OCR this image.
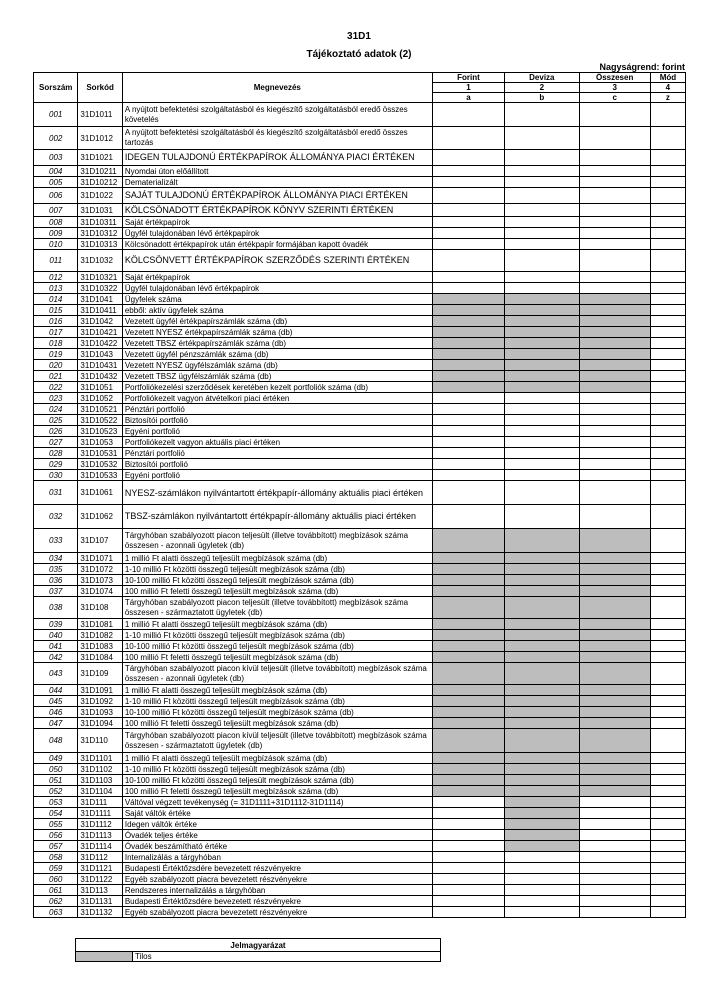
31D1
Tájékoztató adatok (2)
Nagyságrend: forint
Sorszám	Sorkód	Megnevezés	Forint	Deviza	Összesen	Mód
			1	2	3	4
			a	b	c	z
001	31D1011	A nyújtott befektetési szolgáltatásból és kiegészítő szolgáltatásból eredő összes követelés				
002	31D1012	A nyújtott befektetési szolgáltatásból és kiegészítő szolgáltatásból eredő összes tartozás				
003	31D1021	IDEGEN TULAJDONÚ ÉRTÉKPAPÍROK ÁLLOMÁNYA PIACI ÉRTÉKEN				
004	31D10211	Nyomdai úton előállított				
005	31D10212	Dematerializált				
006	31D1022	SAJÁT TULAJDONÚ ÉRTÉKPAPÍROK ÁLLOMÁNYA PIACI ÉRTÉKEN				
007	31D1031	KÖLCSÖNADOTT ÉRTÉKPAPÍROK KÖNYV SZERINTI ÉRTÉKEN				
008	31D10311	Saját értékpapírok				
009	31D10312	Ügyfél tulajdonában lévő értékpapírok				
010	31D10313	Kölcsönadott értékpapírok után értékpapír formájában kapott óvadék				
011	31D1032	KÖLCSÖNVETT ÉRTÉKPAPÍROK SZERZŐDÉS SZERINTI ÉRTÉKEN				
012	31D10321	Saját értékpapírok				
013	31D10322	Ügyfél tulajdonában lévő értékpapírok				
014	31D1041	Ügyfelek száma				
015	31D10411	ebből: aktív ügyfelek száma				
016	31D1042	Vezetett ügyfél értékpapírszámlák száma (db)				
017	31D10421	Vezetett NYESZ értékpapírszámlák száma (db)				
018	31D10422	Vezetett TBSZ értékpapírszámlák száma (db)				
019	31D1043	Vezetett ügyfél pénzszámlák száma (db)				
020	31D10431	Vezetett NYESZ ügyfélszámlák száma (db)				
021	31D10432	Vezetett TBSZ ügyfélszámlák száma (db)				
022	31D1051	Portfoliókezelési szerződések keretében kezelt portfoliók száma (db)				
023	31D1052	Portfoliókezelt vagyon átvételkori piaci értéken				
024	31D10521	Pénztári portfolió				
025	31D10522	Biztosítói portfolió				
026	31D10523	Egyéni portfolió				
027	31D1053	Portfoliókezelt vagyon aktuális piaci értéken				
028	31D10531	Pénztári portfolió				
029	31D10532	Biztosítói portfolió				
030	31D10533	Egyéni portfolió				
031	31D1061	NYESZ-számlákon nyilvántartott értékpapír-állomány aktuális piaci értéken				
032	31D1062	TBSZ-számlákon nyilvántartott értékpapír-állomány aktuális piaci értéken				
033	31D107	Tárgyhóban szabályozott piacon teljesült (illetve továbbított) megbízások száma összesen - azonnali ügyletek (db)				
034	31D1071	1 millió Ft alatti összegű teljesült megbízások száma (db)				
035	31D1072	1-10 millió Ft közötti összegű teljesült megbízások száma (db)				
036	31D1073	10-100 millió Ft közötti összegű teljesült megbízások száma (db)				
037	31D1074	100 millió Ft feletti összegű teljesült megbízások száma (db)				
038	31D108	Tárgyhóban szabályozott piacon teljesült (illetve továbbított) megbízások száma összesen - származtatott ügyletek (db)				
039	31D1081	1 millió Ft alatti összegű teljesült megbízások száma (db)				
040	31D1082	1-10 millió Ft közötti összegű teljesült megbízások száma (db)				
041	31D1083	10-100 millió Ft közötti összegű teljesült megbízások száma (db)				
042	31D1084	100 millió Ft feletti összegű teljesült megbízások száma (db)				
043	31D109	Tárgyhóban szabályozott piacon kívül teljesült (illetve továbbított) megbízások száma összesen - azonnali ügyletek (db)				
044	31D1091	1 millió Ft alatti összegű teljesült megbízások száma (db)				
045	31D1092	1-10 millió Ft közötti összegű teljesült megbízások száma (db)				
046	31D1093	10-100 millió Ft közötti összegű teljesült megbízások száma (db)				
047	31D1094	100 millió Ft feletti összegű teljesült megbízások száma (db)				
048	31D110	Tárgyhóban szabályozott piacon kívül teljesült (illetve továbbított) megbízások száma összesen - származtatott ügyletek (db)				
049	31D1101	1 millió Ft alatti összegű teljesült megbízások száma (db)				
050	31D1102	1-10 millió Ft közötti összegű teljesült megbízások száma (db)				
051	31D1103	10-100 millió Ft közötti összegű teljesült megbízások száma (db)				
052	31D1104	100 millió Ft feletti összegű teljesült megbízások száma (db)				
053	31D111	Váltóval végzett tevékenység (= 31D1111+31D1112-31D1114)				
054	31D1111	Saját váltók értéke				
055	31D1112	Idegen váltók értéke				
056	31D1113	Óvadék teljes értéke				
057	31D1114	Óvadék beszámítható értéke				
058	31D112	Internalizálás a tárgyhóban				
059	31D1121	Budapesti Értéktőzsdére bevezetett részvényekre				
060	31D1122	Egyéb szabályozott piacra bevezetett részvényekre				
061	31D113	Rendszeres internalizálás a tárgyhóban				
062	31D1131	Budapesti Értéktőzsdére bevezetett részvényekre				
063	31D1132	Egyéb szabályozott piacra bevezetett részvényekre				
Jelmagyarázat
	Tilos
